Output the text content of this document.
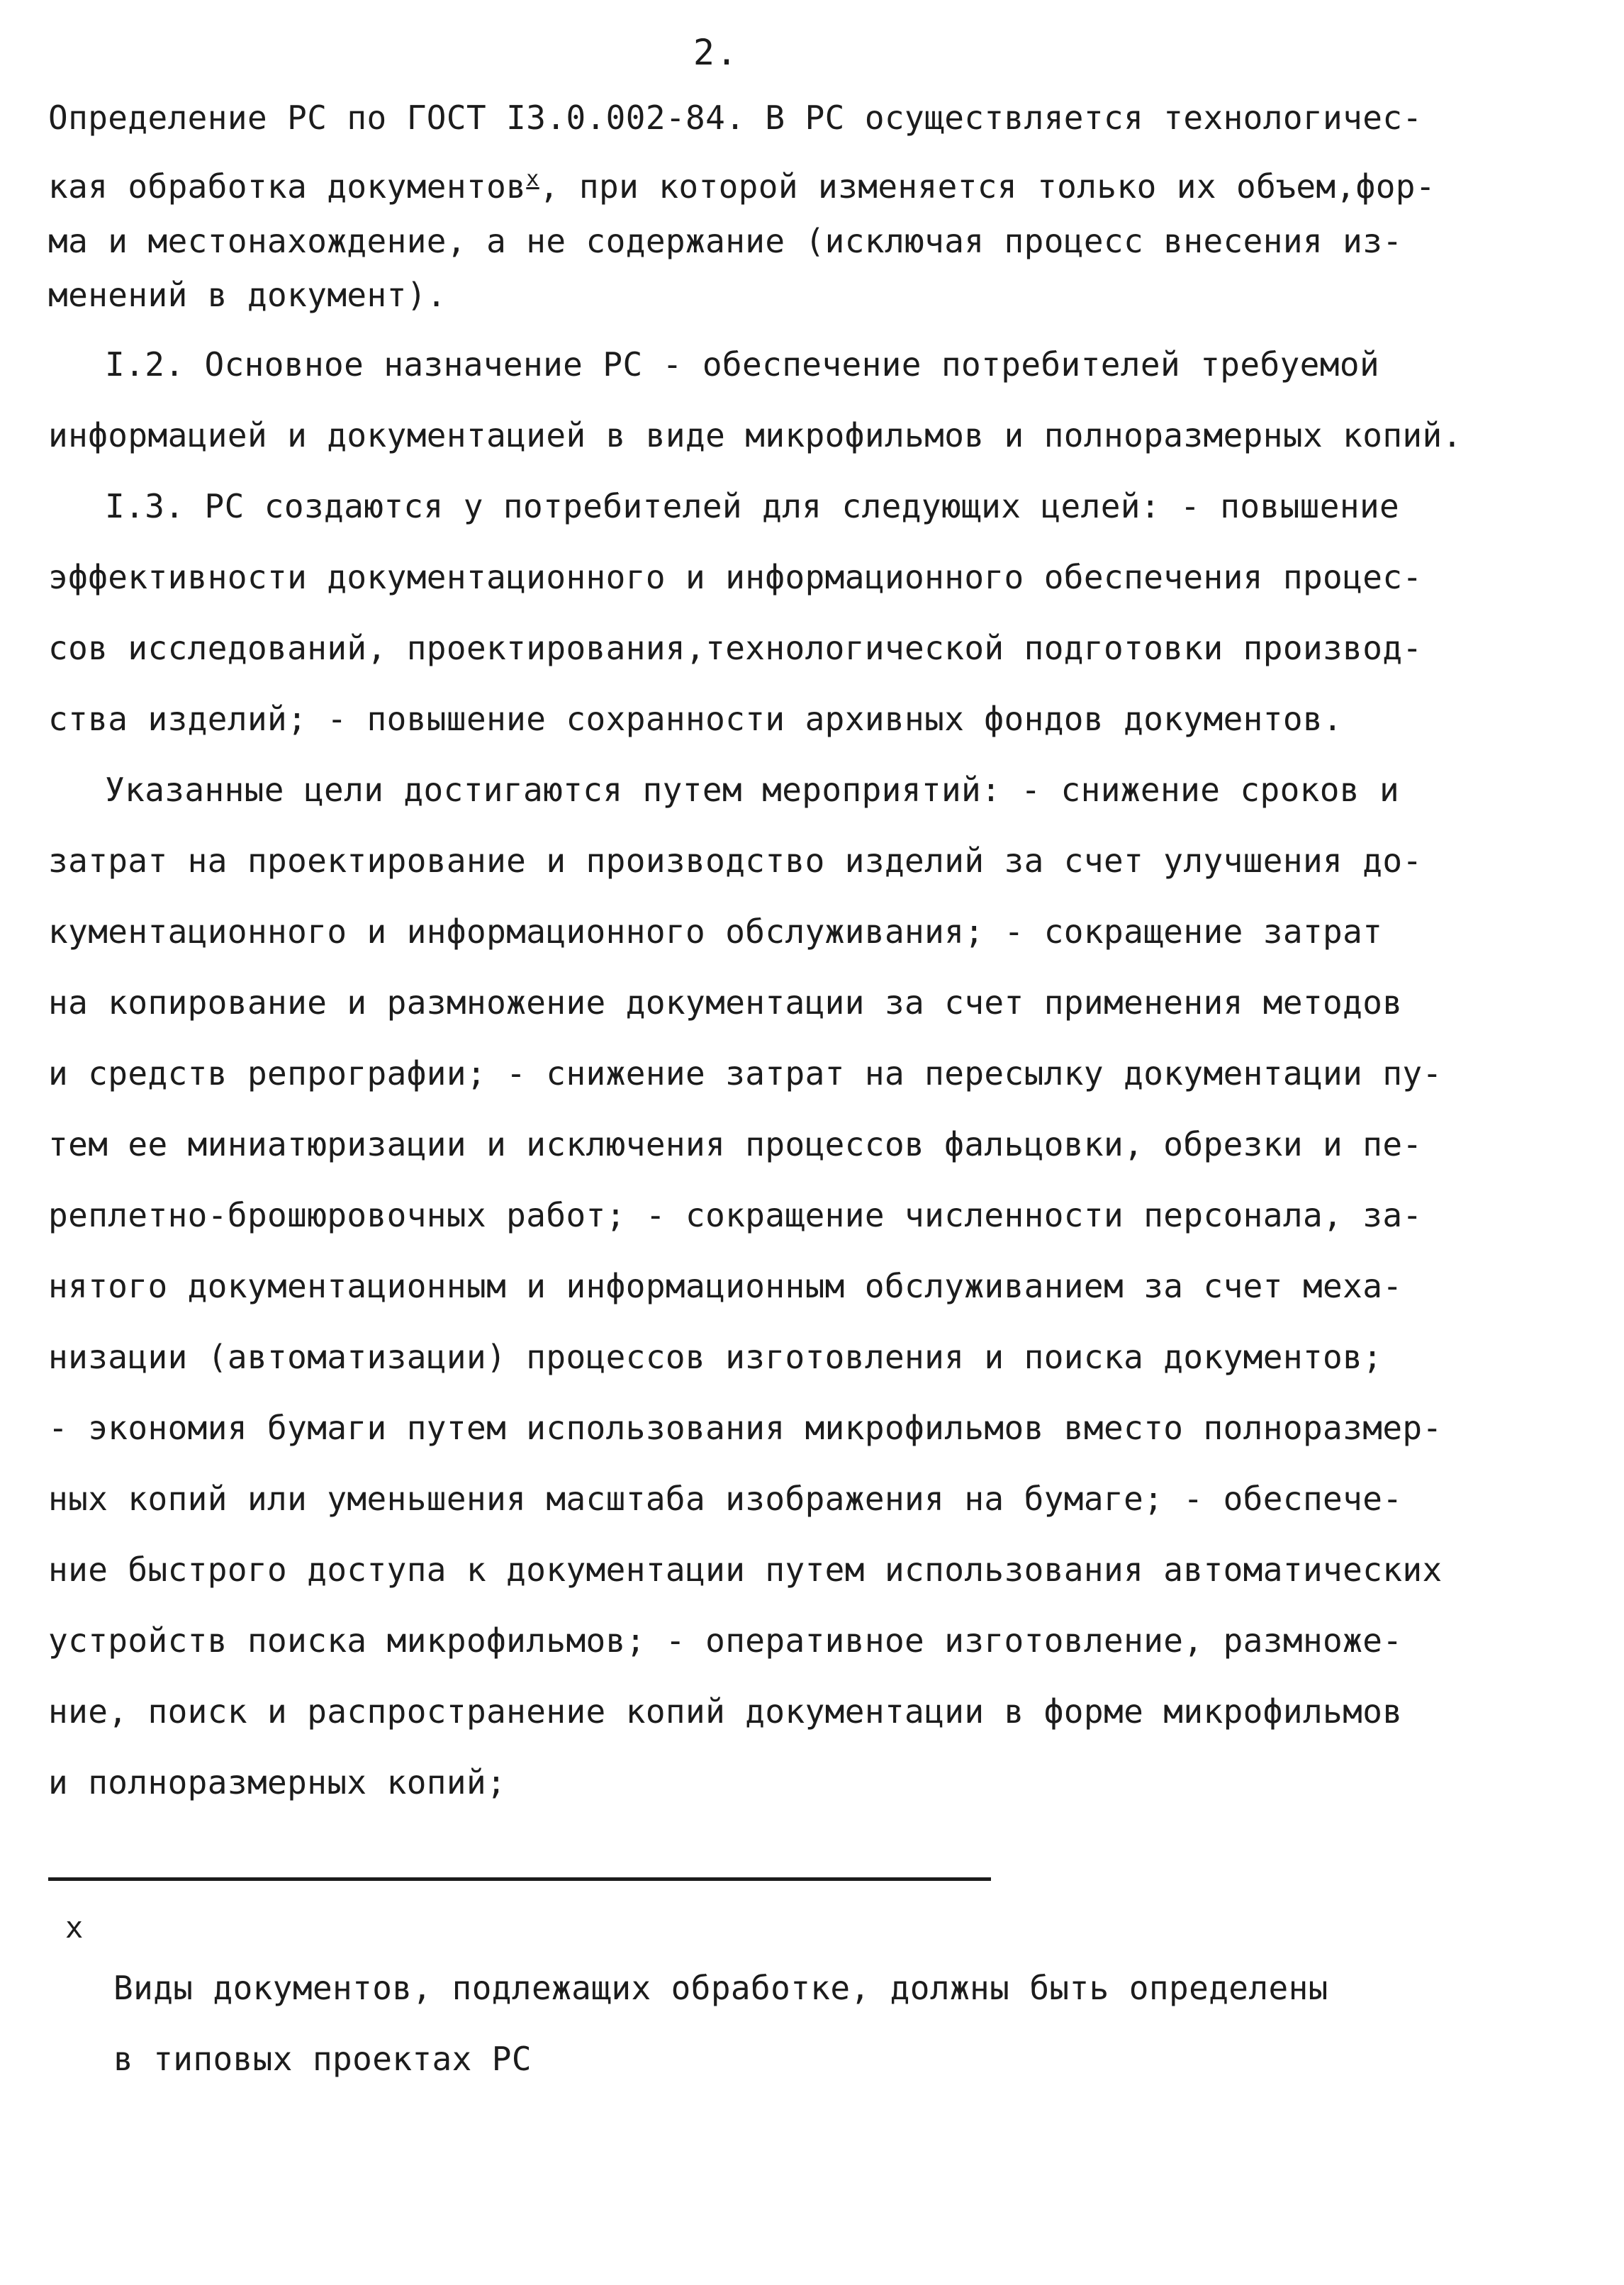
2.
Определение РС по ГОСТ I3.0.002-84. В РС осуществляется технологичес-
кая обработка документов$^x$, при которой изменяется только их объем,фор-
ма и местонахождение, а не содержание (исключая процесс внесения из-
менений в документ).
I.2. Основное назначение РС - обеспечение потребителей требуемой
информацией и документацией в виде микрофильмов и полноразмерных копий.
I.3. РС создаются у потребителей для следующих целей: - повышение
эффективности документационного и информационного обеспечения процес-
сов исследований, проектирования,технологической подготовки производ-
ства изделий; - повышение сохранности архивных фондов документов.
Указанные цели достигаются путем мероприятий: - снижение сроков и
затрат на проектирование и производство изделий за счет улучшения до-
кументационного и информационного обслуживания; - сокращение затрат
на копирование и размножение документации за счет применения методов
и средств репрографии; - снижение затрат на пересылку документации пу-
тем ее миниатюризации и исключения процессов фальцовки, обрезки и пе-
реплетно-брошюровочных работ; - сокращение численности персонала, за-
нятого документационным и информационным обслуживанием за счет меха-
низации (автоматизации) процессов изготовления и поиска документов;
- экономия бумаги путем использования микрофильмов вместо полноразмер-
ных копий или уменьшения масштаба изображения на бумаге; - обеспече-
ние быстрого доступа к документации путем использования автоматических
устройств поиска микрофильмов; - оперативное изготовление, размноже-
ние, поиск и распространение копий документации в форме микрофильмов
и полноразмерных копий;
x
Виды документов, подлежащих обработке, должны быть определены
в типовых проектах РС
